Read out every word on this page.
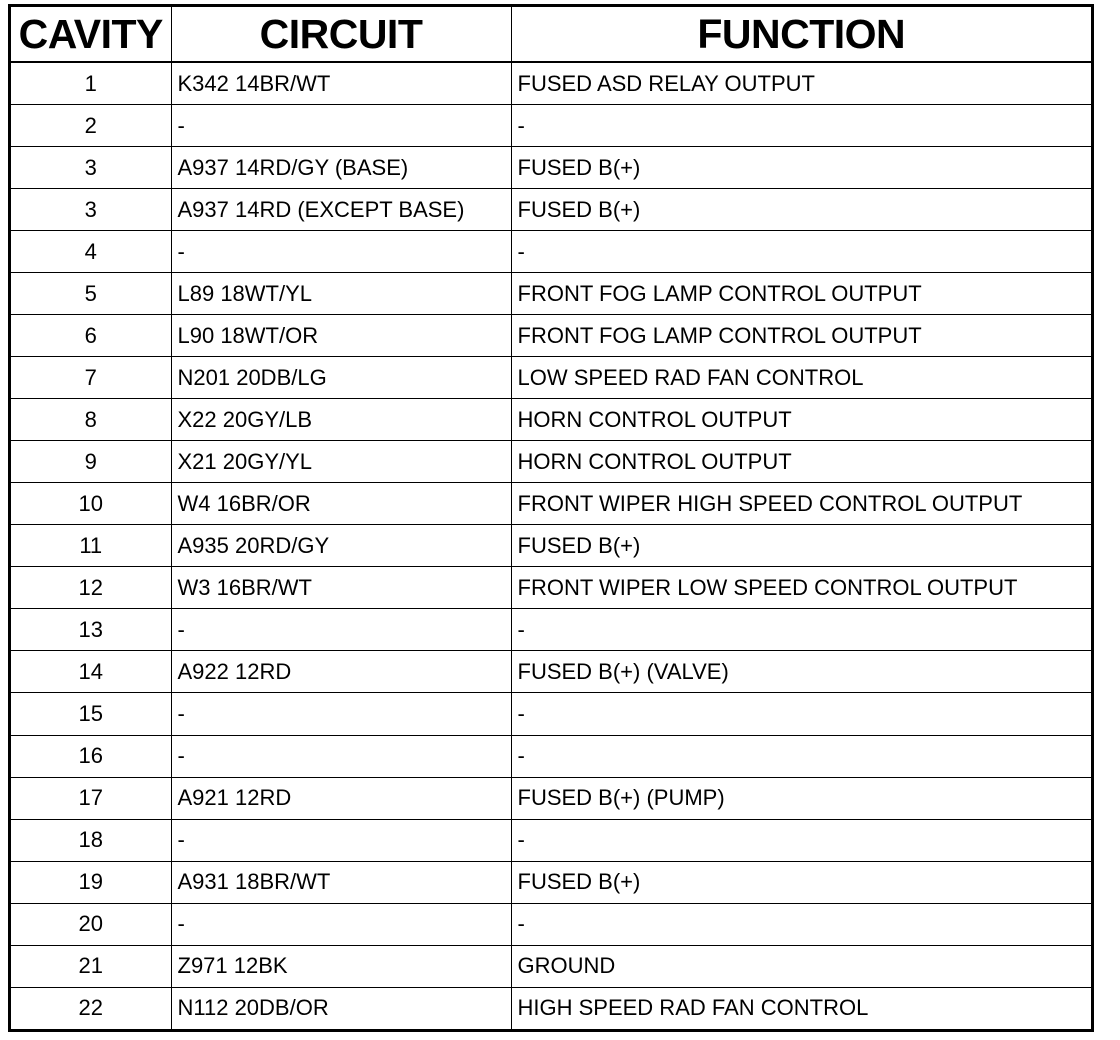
CAVITY	CIRCUIT	FUNCTION
1	K342 14BR/WT	FUSED ASD RELAY OUTPUT
2	-	-
3	A937 14RD/GY (BASE)	FUSED B(+)
3	A937 14RD (EXCEPT BASE)	FUSED B(+)
4	-	-
5	L89 18WT/YL	FRONT FOG LAMP CONTROL OUTPUT
6	L90 18WT/OR	FRONT FOG LAMP CONTROL OUTPUT
7	N201 20DB/LG	LOW SPEED RAD FAN CONTROL
8	X22 20GY/LB	HORN CONTROL OUTPUT
9	X21 20GY/YL	HORN CONTROL OUTPUT
10	W4 16BR/OR	FRONT WIPER HIGH SPEED CONTROL OUTPUT
11	A935 20RD/GY	FUSED B(+)
12	W3 16BR/WT	FRONT WIPER LOW SPEED CONTROL OUTPUT
13	-	-
14	A922 12RD	FUSED B(+) (VALVE)
15	-	-
16	-	-
17	A921 12RD	FUSED B(+) (PUMP)
18	-	-
19	A931 18BR/WT	FUSED B(+)
20	-	-
21	Z971 12BK	GROUND
22	N112 20DB/OR	HIGH SPEED RAD FAN CONTROL
